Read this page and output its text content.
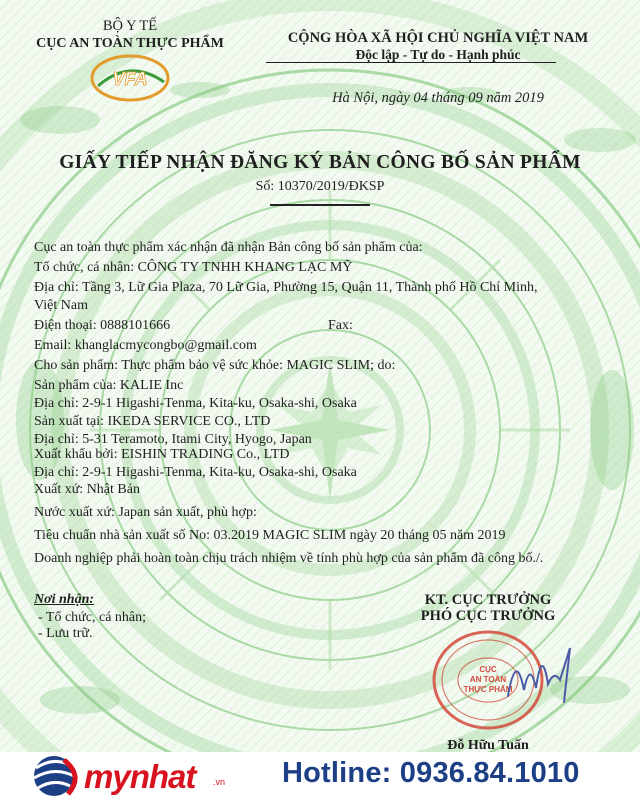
BỘ Y TẾ
CỤC AN TOÀN THỰC PHẨM
VFA
CỘNG HÒA XÃ HỘI CHỦ NGHĨA VIỆT NAM
Độc lập - Tự do - Hạnh phúc
Hà Nội, ngày 04 tháng 09 năm 2019
GIẤY TIẾP NHẬN ĐĂNG KÝ BẢN CÔNG BỐ SẢN PHẨM
Số: 10370/2019/ĐKSP
Cục an toàn thực phẩm xác nhận đã nhận Bản công bố sản phẩm của:
Tổ chức, cá nhân: CÔNG TY TNHH KHANG LẠC MỸ
Địa chỉ: Tầng 3, Lữ Gia Plaza, 70 Lữ Gia, Phường 15, Quận 11, Thành phố Hồ Chí Minh,
Việt Nam
Điện thoại: 0888101666	Fax:
Email: khanglacmycongbo@gmail.com
Cho sản phẩm: Thực phẩm bảo vệ sức khỏe: MAGIC SLIM; do:
Sản phẩm của: KALIE Inc
Địa chỉ: 2-9-1 Higashi-Tenma, Kita-ku, Osaka-shi, Osaka
Sản xuất tại: IKEDA SERVICE CO., LTD
Địa chỉ: 5-31 Teramoto, Itami City, Hyogo, Japan
Xuất khẩu bởi: EISHIN TRADING Co., LTD
Địa chỉ: 2-9-1 Higashi-Tenma, Kita-ku, Osaka-shi, Osaka
Xuất xứ: Nhật Bản
Nước xuất xứ: Japan sản xuất, phù hợp:
Tiêu chuẩn nhà sản xuất số No: 03.2019 MAGIC SLIM ngày 20 tháng 05 năm 2019
Doanh nghiệp phải hoàn toàn chịu trách nhiệm về tính phù hợp của sản phẩm đã công bố./.
Nơi nhận:
- Tổ chức, cá nhân;
- Lưu trữ.
KT. CỤC TRƯỞNG
PHÓ CỤC TRƯỞNG
CỤC
AN TOÀN
THỰC PHẨM
Đỗ Hữu Tuấn
mynhat .vn Hotline: 0936.84.1010
